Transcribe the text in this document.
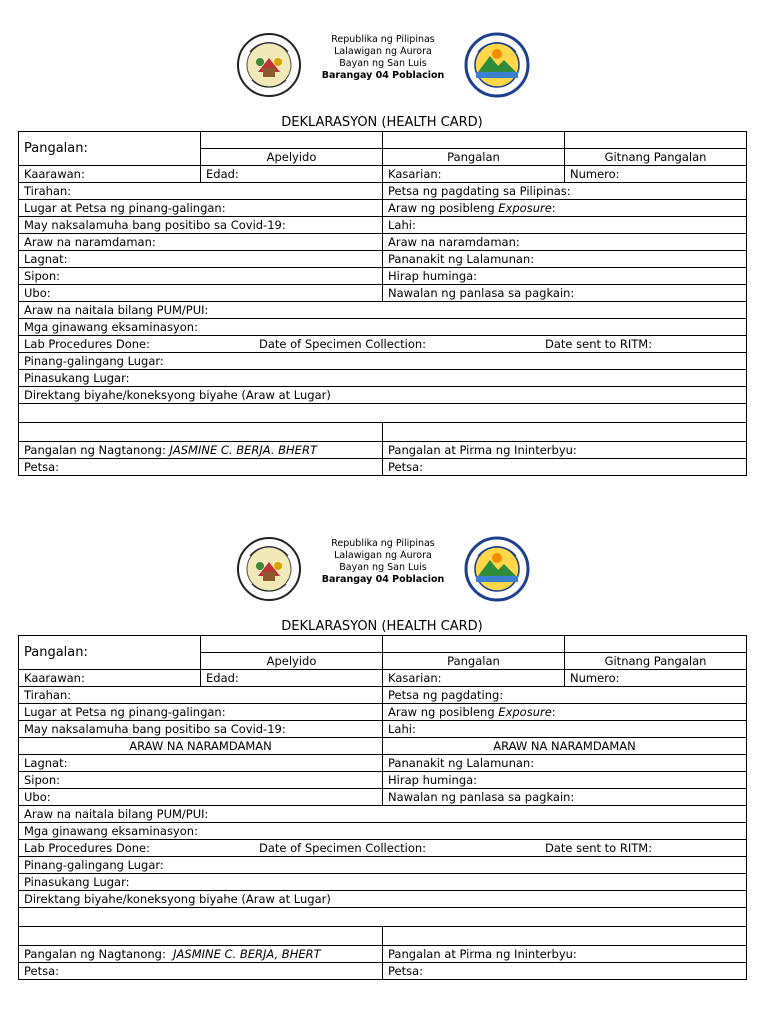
Republika ng Pilipinas
Lalawigan ng Aurora
Bayan ng San Luis
Barangay 04 Poblacion
DEKLARASYON (HEALTH CARD)
Pangalan:			
	Apelyido	Pangalan	Gitnang Pangalan
Kaarawan:	Edad:	Kasarian:	Numero:
Tirahan:		Petsa ng pagdating sa Pilipinas:	
Lugar at Petsa ng pinang-galingan:		Araw ng posibleng Exposure:	
May naksalamuha bang positibo sa Covid-19:		Lahi:	
Araw na naramdaman:		Araw na naramdaman:	
Lagnat:		Pananakit ng Lalamunan:	
Sipon:		Hirap huminga:	
Ubo:		Nawalan ng panlasa sa pagkain:	
Araw na naitala bilang PUM/PUI:			
Mga ginawang eksaminasyon:			

Lab Procedures Done: Date of Specimen Collection: Date sent to RITM:			

Pinang-galingang Lugar:			
Pinasukang Lugar:			
Direktang biyahe/koneksyong biyahe (Araw at Lugar)			

Pangalan ng Nagtanong: JASMINE C. BERJA. BHERT		Pangalan at Pirma ng Ininterbyu:	
Petsa:		Petsa:	
Republika ng Pilipinas
Lalawigan ng Aurora
Bayan ng San Luis
Barangay 04 Poblacion
DEKLARASYON (HEALTH CARD)
Pangalan:			
	Apelyido	Pangalan	Gitnang Pangalan
Kaarawan:	Edad:	Kasarian:	Numero:
Tirahan:		Petsa ng pagdating:	
Lugar at Petsa ng pinang-galingan:		Araw ng posibleng Exposure:	
May naksalamuha bang positibo sa Covid-19:		Lahi:	
ARAW NA NARAMDAMAN		ARAW NA NARAMDAMAN	
Lagnat:		Pananakit ng Lalamunan:	
Sipon:		Hirap huminga:	
Ubo:		Nawalan ng panlasa sa pagkain:	
Araw na naitala bilang PUM/PUI:			
Mga ginawang eksaminasyon:			

Lab Procedures Done: Date of Specimen Collection: Date sent to RITM:			

Pinang-galingang Lugar:			
Pinasukang Lugar:			
Direktang biyahe/koneksyong biyahe (Araw at Lugar)			

Pangalan ng Nagtanong:  JASMINE C. BERJA, BHERT		Pangalan at Pirma ng Ininterbyu:	
Petsa:		Petsa:	
